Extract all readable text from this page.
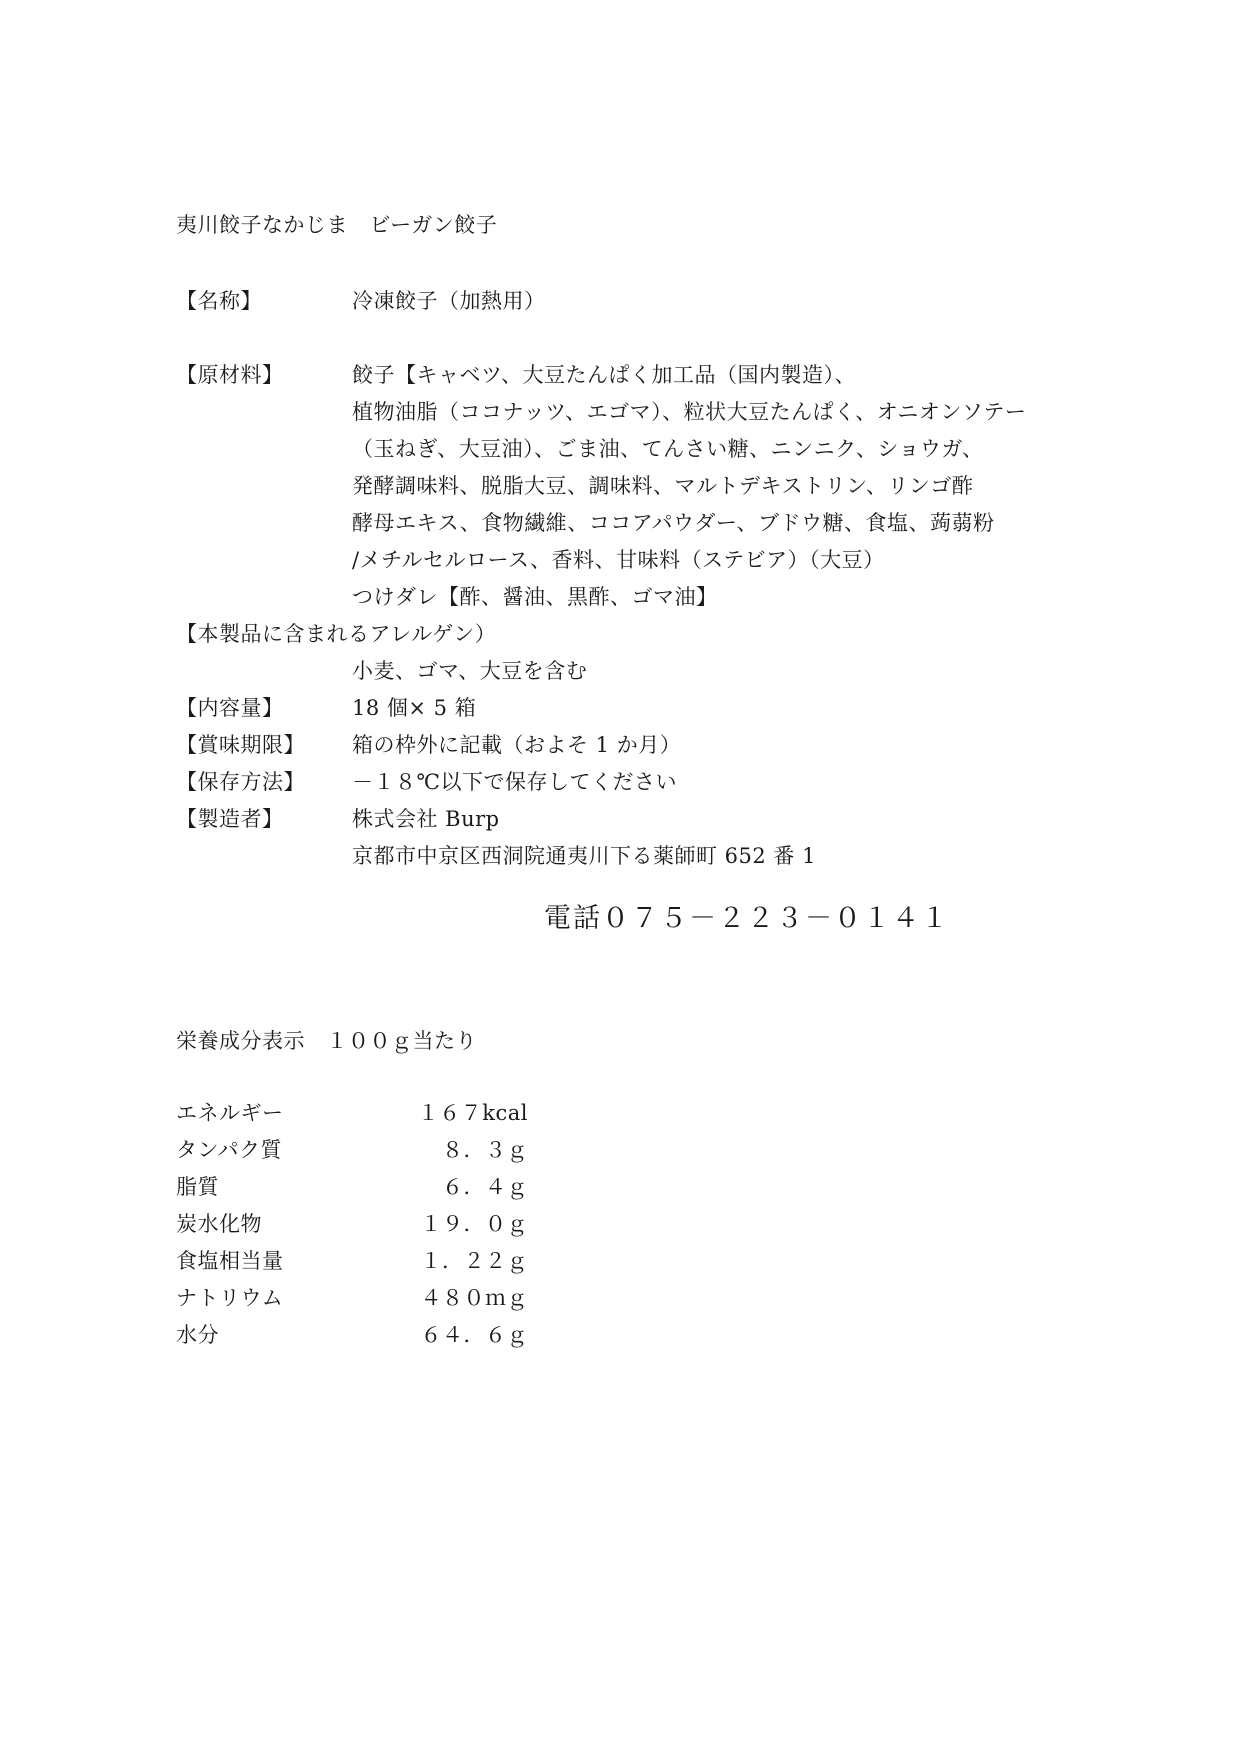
夷川餃子なかじま　ビーガン餃子
【名称】	冷凍餃子（加熱用）
【原材料】	餃子【キャベツ、大豆たんぱく加工品（国内製造）、
植物油脂（ココナッツ、エゴマ）、粒状大豆たんぱく、オニオンソテー
（玉ねぎ、大豆油）、ごま油、てんさい糖、ニンニク、ショウガ、
発酵調味料、脱脂大豆、調味料、マルトデキストリン、リンゴ酢
酵母エキス、食物繊維、ココアパウダー、ブドウ糖、食塩、蒟蒻粉
/メチルセルロース、香料、甘味料（ステビア）（大豆）
つけダレ【酢、醤油、黒酢、ゴマ油】
【本製品に含まれるアレルゲン）
小麦、ゴマ、大豆を含む
【内容量】	18 個× 5 箱
【賞味期限】 箱の枠外に記載（およそ 1 か月）
【保存方法】 －１８℃以下で保存してください
【製造者】	株式会社 Burp
京都市中京区西洞院通夷川下る薬師町 652 番 1
電話０７５－２２３－０１４１
栄養成分表示　１００ｇ当たり
エネルギー	１６７kcal
タンパク質	８．３ｇ
脂質	６．４ｇ
炭水化物	１９．０ｇ
食塩相当量	１．２２ｇ
ナトリウム	４８０ｍｇ
水分	６４．６ｇ
